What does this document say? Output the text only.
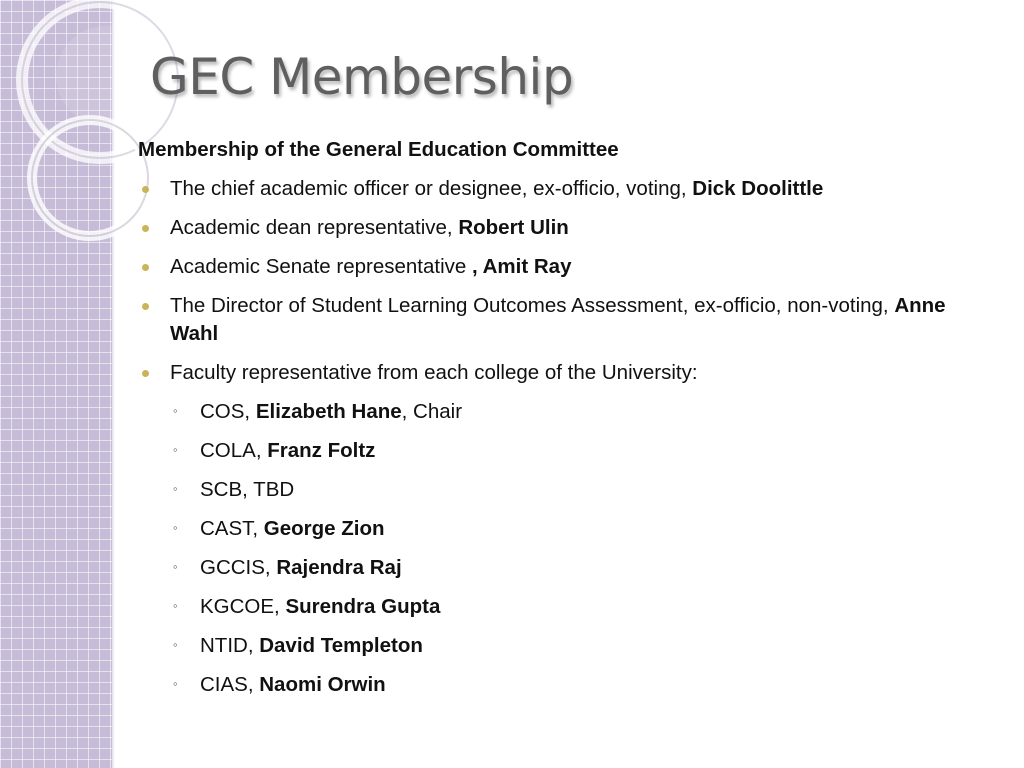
GEC Membership
Membership of the General Education Committee
The chief academic officer or designee, ex-officio, voting, Dick Doolittle
Academic dean representative, Robert Ulin
Academic Senate representative , Amit Ray
The Director of Student Learning Outcomes Assessment, ex-officio, non-voting, Anne Wahl
Faculty representative from each college of the University:
◦ COS, Elizabeth Hane, Chair
◦ COLA, Franz Foltz
◦ SCB, TBD
◦ CAST, George Zion
◦ GCCIS, Rajendra Raj
◦ KGCOE, Surendra Gupta
◦ NTID, David Templeton
◦ CIAS, Naomi Orwin
